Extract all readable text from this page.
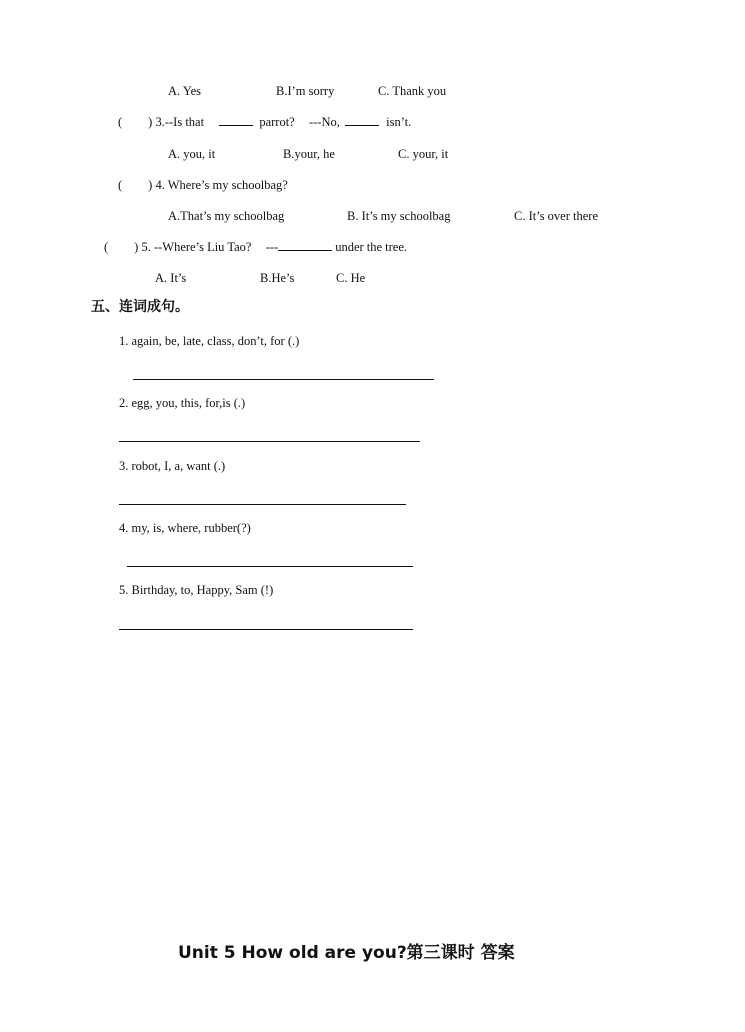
A. Yes	B.I’m sorry	C. Thank you
( ) 3.--Is that	parrot? ---No,	isn’t.
A. you, it	B.your, he	C. your, it
( ) 4. Where’s my schoolbag?
A.That’s my schoolbag	B. It’s my schoolbag	C. It’s over there
( ) 5. --Where’s Liu Tao? ---	under the tree.
A. It’s	B.He’s	C. He
五、连词成句。
1. again, be, late, class, don’t, for (.)
2. egg, you, this, for,is (.)
3. robot, I, a, want (.)
4. my, is, where, rubber(?)
5. Birthday, to, Happy, Sam (!)
Unit 5 How old are you?第三课时 答案
